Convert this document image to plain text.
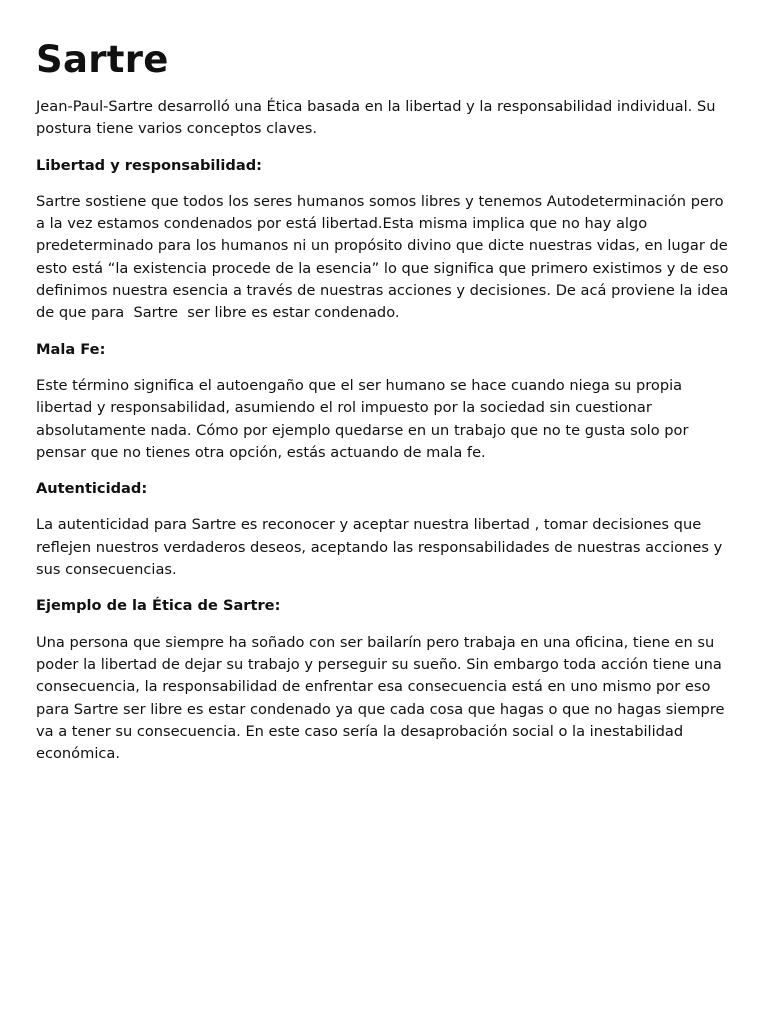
Sartre

Jean-Paul-Sartre desarrolló una Ética basada en la libertad y la responsabilidad individual. Su postura tiene varios conceptos claves.

Libertad y responsabilidad:

Sartre sostiene que todos los seres humanos somos libres y tenemos Autodeterminación pero a la vez estamos condenados por está libertad.Esta misma implica que no hay algo predeterminado para los humanos ni un propósito divino que dicte nuestras vidas, en lugar de esto está “la existencia procede de la esencia” lo que significa que primero existimos y de eso definimos nuestra esencia a través de nuestras acciones y decisiones. De acá proviene la idea de que para  Sartre  ser libre es estar condenado.

Mala Fe:

Este término significa el autoengaño que el ser humano se hace cuando niega su propia libertad y responsabilidad, asumiendo el rol impuesto por la sociedad sin cuestionar absolutamente nada. Cómo por ejemplo quedarse en un trabajo que no te gusta solo por pensar que no tienes otra opción, estás actuando de mala fe.

Autenticidad:

La autenticidad para Sartre es reconocer y aceptar nuestra libertad , tomar decisiones que reflejen nuestros verdaderos deseos, aceptando las responsabilidades de nuestras acciones y sus consecuencias.

Ejemplo de la Ética de Sartre:

Una persona que siempre ha soñado con ser bailarín pero trabaja en una oficina, tiene en su poder la libertad de dejar su trabajo y perseguir su sueño. Sin embargo toda acción tiene una consecuencia, la responsabilidad de enfrentar esa consecuencia está en uno mismo por eso para Sartre ser libre es estar condenado ya que cada cosa que hagas o que no hagas siempre va a tener su consecuencia. En este caso sería la desaprobación social o la inestabilidad económica.
